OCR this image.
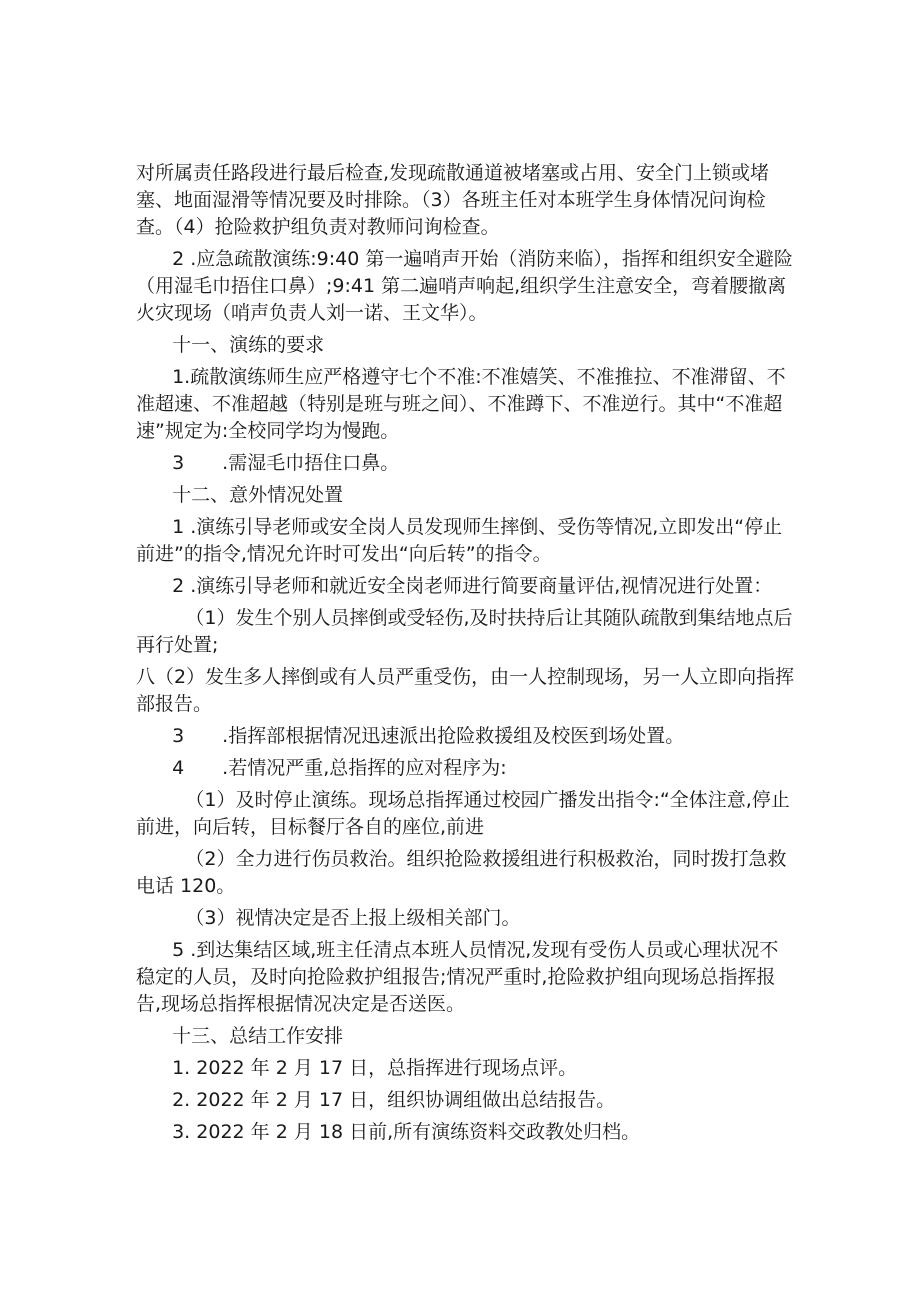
对所属责任路段进行最后检查,发现疏散通道被堵塞或占用、安全门上锁或堵塞、地面湿滑等情况要及时排除。（3）各班主任对本班学生身体情况问询检查。（4）抢险救护组负责对教师问询检查。

2 .应急疏散演练:9:40 第一遍哨声开始（消防来临），指挥和组织安全避险（用湿毛巾捂住口鼻）;9:41 第二遍哨声响起,组织学生注意安全，弯着腰撤离火灾现场（哨声负责人刘一诺、王文华）。

十一、演练的要求

1.疏散演练师生应严格遵守七个不准:不准嬉笑、不准推拉、不准滞留、不准超速、不准超越（特别是班与班之间）、不准蹲下、不准逆行。其中“不准超速”规定为:全校同学均为慢跑。

3　　.需湿毛巾捂住口鼻。

十二、意外情况处置

1 .演练引导老师或安全岗人员发现师生摔倒、受伤等情况,立即发出“停止前进”的指令,情况允许时可发出“向后转”的指令。

2 .演练引导老师和就近安全岗老师进行简要商量评估,视情况进行处置：

（1）发生个别人员摔倒或受轻伤,及时扶持后让其随队疏散到集结地点后再行处置;

八（2）发生多人摔倒或有人员严重受伤，由一人控制现场，另一人立即向指挥部报告。

3　　.指挥部根据情况迅速派出抢险救援组及校医到场处置。

4　　.若情况严重,总指挥的应对程序为:

（1）及时停止演练。现场总指挥通过校园广播发出指令:“全体注意,停止前进，向后转，目标餐厅各自的座位,前进

（2）全力进行伤员救治。组织抢险救援组进行积极救治，同时拨打急救电话 120。

（3）视情决定是否上报上级相关部门。

5 .到达集结区域,班主任清点本班人员情况,发现有受伤人员或心理状况不稳定的人员，及时向抢险救护组报告;情况严重时,抢险救护组向现场总指挥报告,现场总指挥根据情况决定是否送医。

十三、总结工作安排

1. 2022 年 2 月 17 日，总指挥进行现场点评。

2. 2022 年 2 月 17 日，组织协调组做出总结报告。

3. 2022 年 2 月 18 日前,所有演练资料交政教处归档。
